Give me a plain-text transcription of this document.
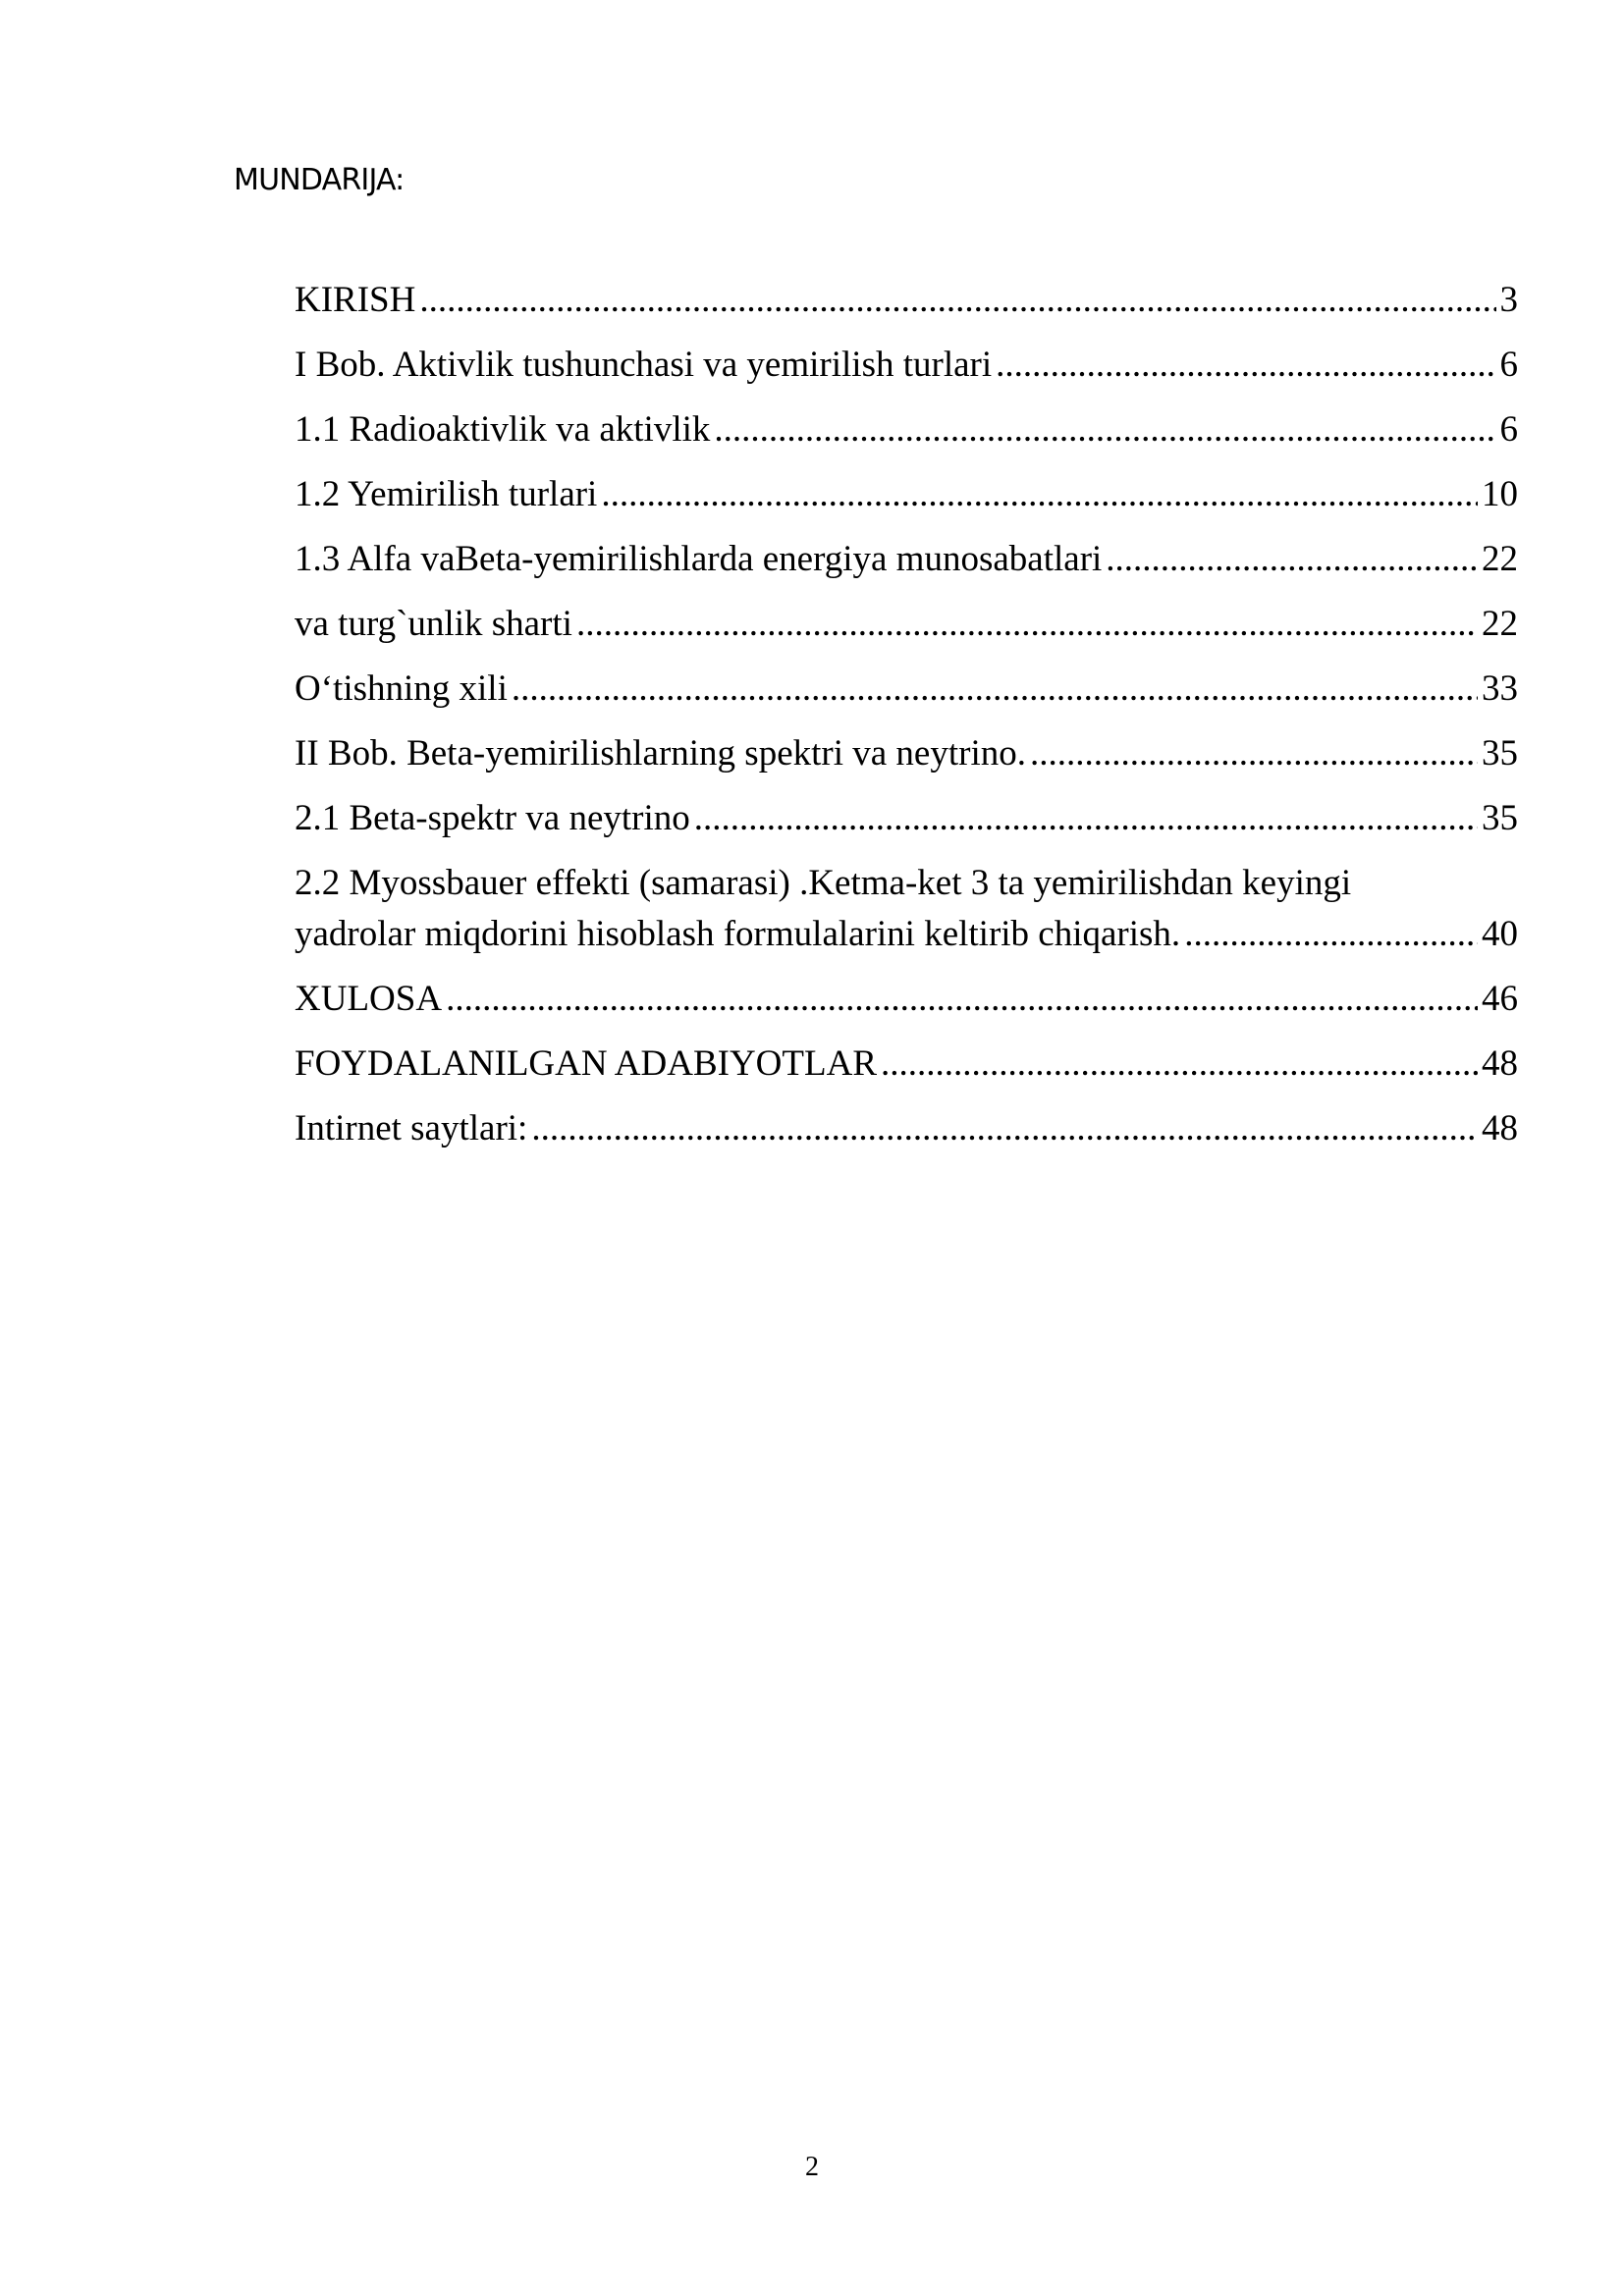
MUNDARIJA:
KIRISH .....	3
I Bob. Aktivlik tushunchasi va yemirilish turlari .....	6
1.1 Radioaktivlik va aktivlik .....	6
1.2 Yemirilish turlari .....	10
1.3 Alfa vaBeta-yemirilishlarda energiya munosabatlari .....	22
va turg`unlik sharti .....	22
O‘tishning xili .....	33
II Bob. Beta-yemirilishlarning spektri va neytrino. .....	35
2.1 Beta-spektr va neytrino .....	35
2.2 Myossbauer effekti (samarasi) .Ketma-ket 3 ta yemirilishdan keyingi
yadrolar miqdorini hisoblash formulalarini keltirib chiqarish. .....	40
XULOSA .....	46
FOYDALANILGAN ADABIYOTLAR .....	48
Intirnet saytlari: .....	48
2
